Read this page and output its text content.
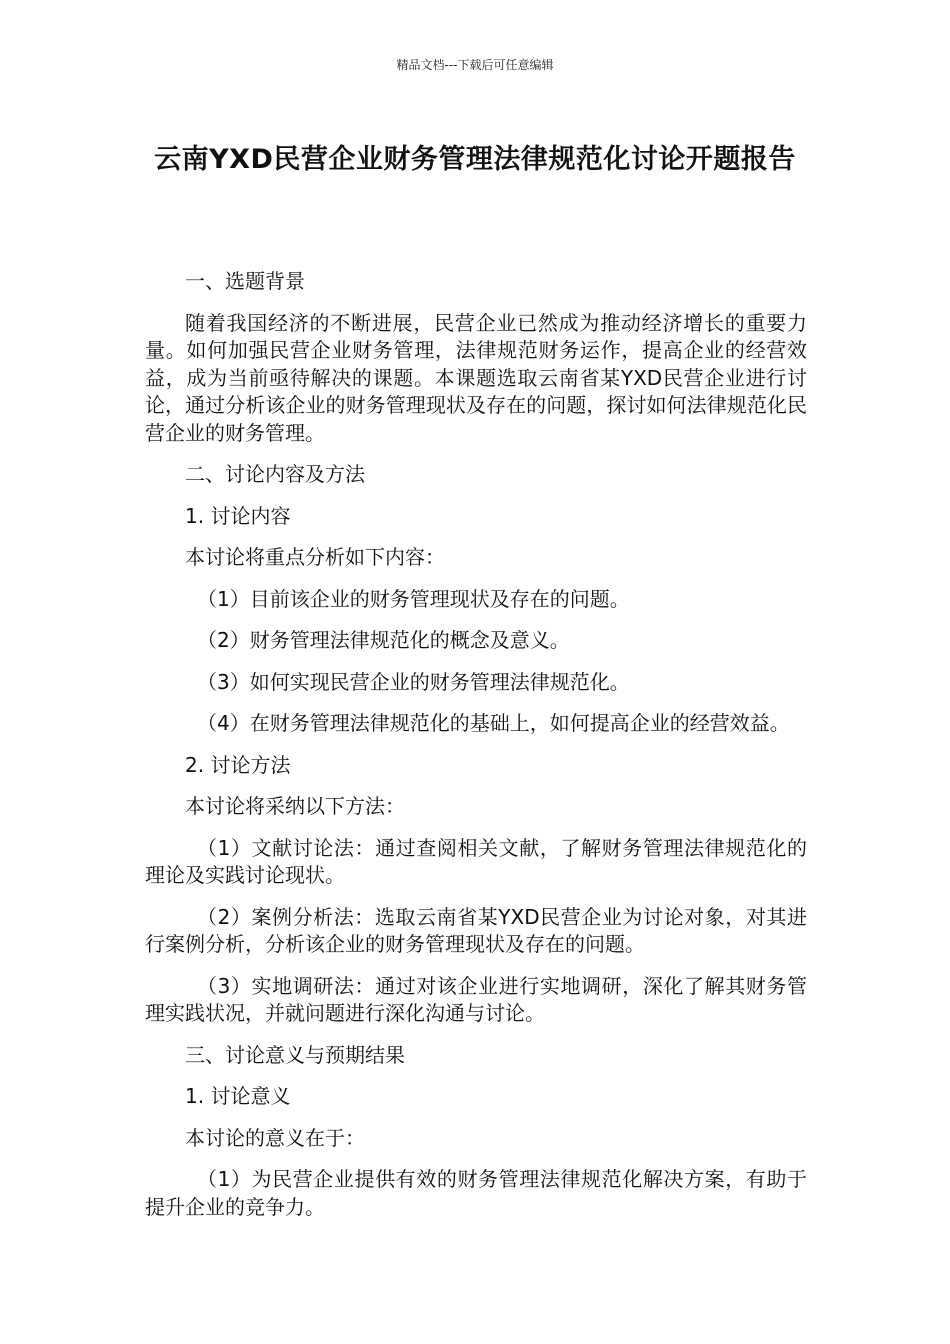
精品文档---下载后可任意编辑
云南YXD民营企业财务管理法律规范化讨论开题报告

一、选题背景

随着我国经济的不断进展，民营企业已然成为推动经济增长的重要力量。如何加强民营企业财务管理，法律规范财务运作，提高企业的经营效益，成为当前亟待解决的课题。本课题选取云南省某YXD民营企业进行讨论，通过分析该企业的财务管理现状及存在的问题，探讨如何法律规范化民营企业的财务管理。

二、讨论内容及方法

1. 讨论内容

本讨论将重点分析如下内容：

（1）目前该企业的财务管理现状及存在的问题。

（2）财务管理法律规范化的概念及意义。

（3）如何实现民营企业的财务管理法律规范化。

（4）在财务管理法律规范化的基础上，如何提高企业的经营效益。

2. 讨论方法

本讨论将采纳以下方法：

（1）文献讨论法：通过查阅相关文献，了解财务管理法律规范化的理论及实践讨论现状。

（2）案例分析法：选取云南省某YXD民营企业为讨论对象，对其进行案例分析，分析该企业的财务管理现状及存在的问题。

（3）实地调研法：通过对该企业进行实地调研，深化了解其财务管理实践状况，并就问题进行深化沟通与讨论。

三、讨论意义与预期结果

1. 讨论意义

本讨论的意义在于：

（1）为民营企业提供有效的财务管理法律规范化解决方案，有助于提升企业的竞争力。
